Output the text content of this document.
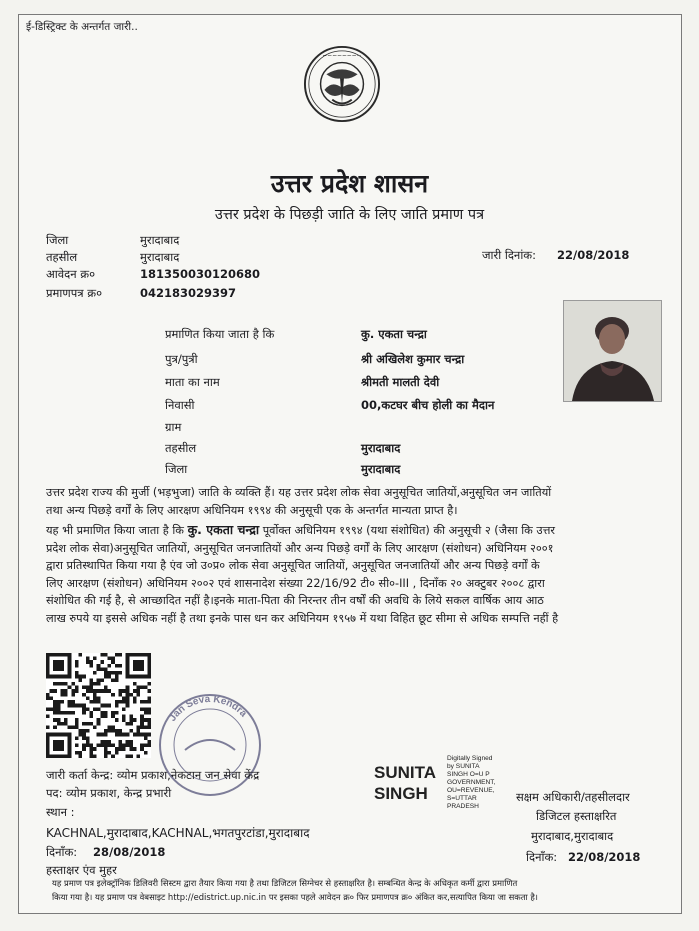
ई-डिस्ट्रिक्ट के अन्तर्गत जारी..
~~~~~~~~
उत्तर प्रदेश शासन
उत्तर प्रदेश के पिछड़ी जाति के लिए जाति प्रमाण पत्र
जिला	मुरादाबाद
तहसील	मुरादाबाद
आवेदन क्र०	181350030120680
प्रमाणपत्र क्र०	042183029397
जारी दिनांक: 22/08/2018
प्रमाणित किया जाता है कि	कु. एकता चन्द्रा
पुत्र/पुत्री	श्री अखिलेश कुमार चन्द्रा
माता का नाम	श्रीमती मालती देवी
निवासी	00,कटघर बीच होली का मैदान
ग्राम
तहसील	मुरादाबाद
जिला	मुरादाबाद

उत्तर प्रदेश राज्य की मुर्जी (भड़भुजा) जाति के व्यक्ति हैं। यह उत्तर प्रदेश लोक सेवा अनुसूचित जातियों,अनुसूचित जन जातियों

तथा अन्य पिछड़े वर्गों के लिए आरक्षण अधिनियम १९९४ की अनुसूची एक के अन्तर्गत मान्यता प्राप्त है।

यह भी प्रमाणित किया जाता है कि कु. एकता चन्द्रा पूर्वोक्त अधिनियम १९९४ (यथा संशोधित) की अनुसूची २ (जैसा कि उत्तर

प्रदेश लोक सेवा)अनुसूचित जातियों, अनुसूचित जनजातियों और अन्य पिछड़े वर्गों के लिए आरक्षण (संशोधन) अधिनियम २००१

द्वारा प्रतिस्थापित किया गया है एंव जो उ०प्र० लोक सेवा अनुसूचित जातियों, अनुसूचित जनजातियों और अन्य पिछड़े वर्गों के

लिए आरक्षण (संशोधन) अधिनियम २००२ एवं शासनादेश संख्या 22/16/92 टी० सी०-III , दिनाँक २० अक्टुबर २००८ द्वारा

संशोधित की गई है, से आच्छादित नहीं है।इनके माता-पिता की निरन्तर तीन वर्षों की अवधि के लिये सकल वार्षिक आय आठ

लाख रुपये या इससे अधिक नहीं है तथा इनके पास धन कर अधिनियम १९५७ में यथा विहित छूट सीमा से अधिक सम्पत्ति नहीं है

Jan Seva Kendra
जारी कर्ता केन्द्र: व्योम प्रकाश,नेकटान जन सेवा केंद्र
पद: व्योम प्रकाश, केन्द्र प्रभारी
स्थान :
KACHNAL,मुरादाबाद,KACHNAL,भगतपुरटांडा,मुरादाबाद
दिनाँक: 28/08/2018
हस्ताक्षर एंव मुहर
SUNITA
SINGH
Digitally Signed
by SUNITA
SINGH O=U P
GOVERNMENT,
OU=REVENUE,
S=UTTAR
PRADESH
सक्षम अधिकारी/तहसीलदार
डिजिटल हस्ताक्षरित
मुरादाबाद,मुरादाबाद
दिनाँक: 22/08/2018

यह प्रमाण पत्र इलेक्ट्रॉनिक डिलिवरी सिस्टम द्वारा तैयार किया गया है तथा डिजिटल सिग्नेचर से हस्ताक्षरित है। सम्बन्धित केन्द्र के अधिकृत कर्मी द्वारा प्रमाणित

किया गया है। यह प्रमाण पत्र वेबसाइट http://edistrict.up.nic.in पर इसका पहले आवेदन क्र० फिर प्रमाणपत्र क्र० अंकित कर,सत्यापित किया जा सकता है।
